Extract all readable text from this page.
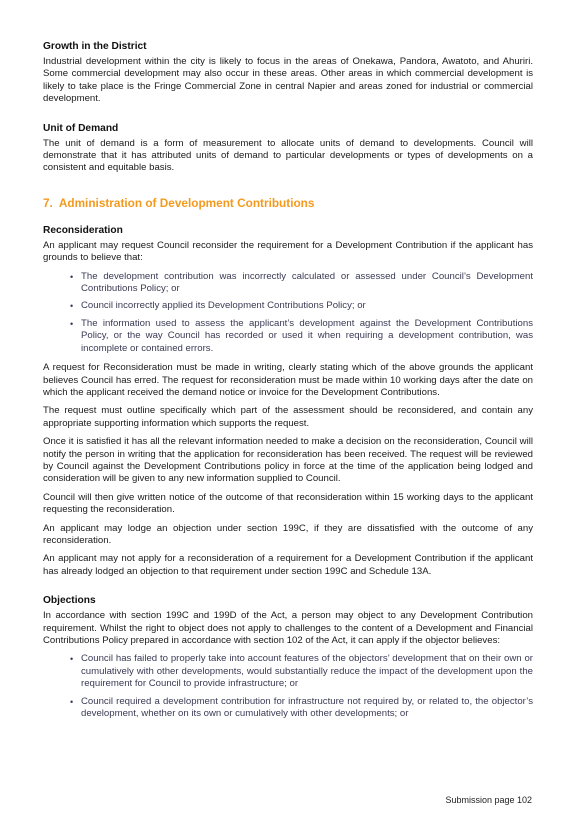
Growth in the District

Industrial development within the city is likely to focus in the areas of Onekawa, Pandora, Awatoto, and Ahuriri. Some commercial development may also occur in these areas. Other areas in which commercial development is likely to take place is the Fringe Commercial Zone in central Napier and areas zoned for industrial or commercial development.

Unit of Demand

The unit of demand is a form of measurement to allocate units of demand to developments. Council will demonstrate that it has attributed units of demand to particular developments or types of developments on a consistent and equitable basis.

7. Administration of Development Contributions
Reconsideration

An applicant may request Council reconsider the requirement for a Development Contribution if the applicant has grounds to believe that:

• The development contribution was incorrectly calculated or assessed under Council’s Development Contributions Policy; or
• Council incorrectly applied its Development Contributions Policy; or
• The information used to assess the applicant’s development against the Development Contributions Policy, or the way Council has recorded or used it when requiring a development contribution, was incomplete or contained errors.

A request for Reconsideration must be made in writing, clearly stating which of the above grounds the applicant believes Council has erred. The request for reconsideration must be made within 10 working days after the date on which the applicant received the demand notice or invoice for the Development Contributions.

The request must outline specifically which part of the assessment should be reconsidered, and contain any appropriate supporting information which supports the request.

Once it is satisfied it has all the relevant information needed to make a decision on the reconsideration, Council will notify the person in writing that the application for reconsideration has been received. The request will be reviewed by Council against the Development Contributions policy in force at the time of the application being lodged and consideration will be given to any new information supplied to Council.

Council will then give written notice of the outcome of that reconsideration within 15 working days to the applicant requesting the reconsideration.

An applicant may lodge an objection under section 199C, if they are dissatisfied with the outcome of any reconsideration.

An applicant may not apply for a reconsideration of a requirement for a Development Contribution if the applicant has already lodged an objection to that requirement under section 199C and Schedule 13A.

Objections

In accordance with section 199C and 199D of the Act, a person may object to any Development Contribution requirement. Whilst the right to object does not apply to challenges to the content of a Development and Financial Contributions Policy prepared in accordance with section 102 of the Act, it can apply if the objector believes:

• Council has failed to properly take into account features of the objectors’ development that on their own or cumulatively with other developments, would substantially reduce the impact of the development upon the requirement for Council to provide infrastructure; or
• Council required a development contribution for infrastructure not required by, or related to, the objector’s development, whether on its own or cumulatively with other developments; or
Submission page 102
